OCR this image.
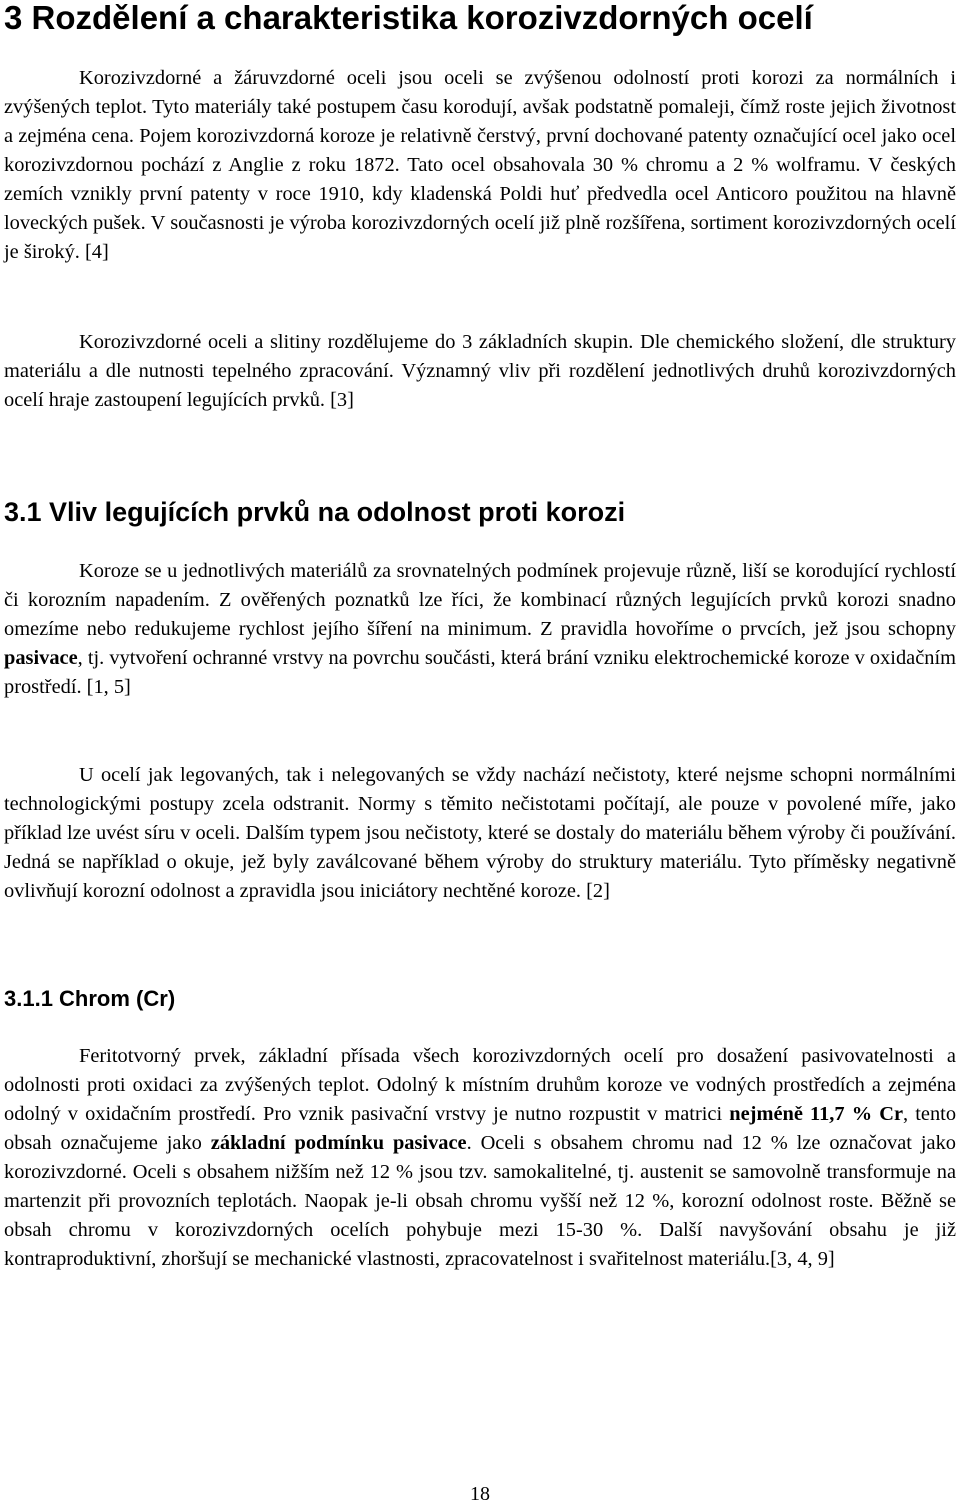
3 Rozdělení a charakteristika korozivzdorných ocelí

Korozivzdorné a žáruvzdorné oceli jsou oceli se zvýšenou odolností proti korozi za normálních i zvýšených teplot. Tyto materiály také postupem času korodují, avšak podstatně pomaleji, čímž roste jejich životnost a zejména cena. Pojem korozivzdorná koroze je relativně čerstvý, první dochované patenty označující ocel jako ocel korozivzdornou pochází z Anglie z roku 1872. Tato ocel obsahovala 30 % chromu a 2 % wolframu. V českých zemích vznikly první patenty v roce 1910, kdy kladenská Poldi huť předvedla ocel Anticoro použitou na hlavně loveckých pušek. V současnosti je výroba korozivzdorných ocelí již plně rozšířena, sortiment korozivzdorných ocelí je široký. [4]

Korozivzdorné oceli a slitiny rozdělujeme do 3 základních skupin. Dle chemického složení, dle struktury materiálu a dle nutnosti tepelného zpracování. Významný vliv při rozdělení jednotlivých druhů korozivzdorných ocelí hraje zastoupení legujících prvků. [3]

3.1 Vliv legujících prvků na odolnost proti korozi

Koroze se u jednotlivých materiálů za srovnatelných podmínek projevuje různě, liší se korodující rychlostí či korozním napadením. Z ověřených poznatků lze říci, že kombinací různých legujících prvků korozi snadno omezíme nebo redukujeme rychlost jejího šíření na minimum. Z pravidla hovoříme o prvcích, jež jsou schopny pasivace, tj. vytvoření ochranné vrstvy na povrchu součásti, která brání vzniku elektrochemické koroze v oxidačním prostředí. [1, 5]

U ocelí jak legovaných, tak i nelegovaných se vždy nachází nečistoty, které nejsme schopni normálními technologickými postupy zcela odstranit. Normy s těmito nečistotami počítají, ale pouze v povolené míře, jako příklad lze uvést síru v oceli. Dalším typem jsou nečistoty, které se dostaly do materiálu během výroby či používání. Jedná se například o okuje, jež byly zaválcované během výroby do struktury materiálu. Tyto příměsky negativně ovlivňují korozní odolnost a zpravidla jsou iniciátory nechtěné koroze. [2]

3.1.1 Chrom (Cr)

Feritotvorný prvek, základní přísada všech korozivzdorných ocelí pro dosažení pasivovatelnosti a odolnosti proti oxidaci za zvýšených teplot. Odolný k místním druhům koroze ve vodných prostředích a zejména odolný v oxidačním prostředí. Pro vznik pasivační vrstvy je nutno rozpustit v matrici nejméně 11,7 % Cr, tento obsah označujeme jako základní podmínku pasivace. Oceli s obsahem chromu nad 12 % lze označovat jako korozivzdorné. Oceli s obsahem nižším než 12 % jsou tzv. samokalitelné, tj. austenit se samovolně transformuje na martenzit při provozních teplotách. Naopak je-li obsah chromu vyšší než 12 %, korozní odolnost roste. Běžně se obsah chromu v korozivzdorných ocelích pohybuje mezi 15-30 %. Další navyšování obsahu je již kontraproduktivní, zhoršují se mechanické vlastnosti, zpracovatelnost i svařitelnost materiálu.[3, 4, 9]

18
